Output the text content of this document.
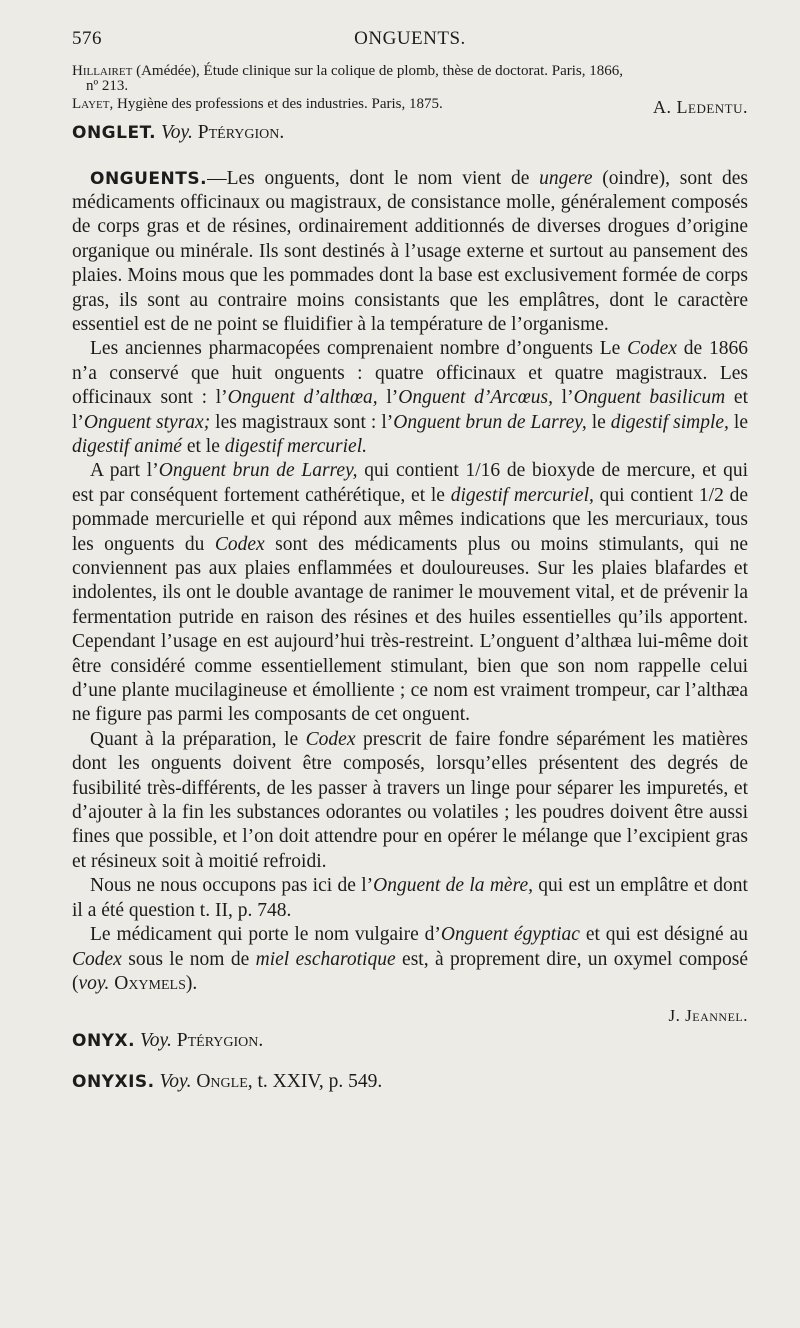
576	ONGUENTS.

Hillairet (Amédée), Étude clinique sur la colique de plomb, thèse de doctorat. Paris, 1866,
nº 213.

Layet, Hygiène des professions et des industries. Paris, 1875.	A. Ledentu.

ONGLET. Voy. Ptérygion.

ONGUENTS.—Les onguents, dont le nom vient de ungere (oindre), sont des médicaments officinaux ou magistraux, de consistance molle, généralement composés de corps gras et de résines, ordinairement additionnés de diverses drogues d’origine organique ou minérale. Ils sont destinés à l’usage externe et surtout au pansement des plaies. Moins mous que les pommades dont la base est exclusivement formée de corps gras, ils sont au contraire moins consistants que les emplâtres, dont le caractère essentiel est de ne point se fluidifier à la température de l’organisme.

Les anciennes pharmacopées comprenaient nombre d’onguents Le Codex de 1866 n’a conservé que huit onguents : quatre officinaux et quatre magistraux. Les officinaux sont : l’Onguent d’althœa, l’Onguent d’Arcœus, l’Onguent basilicum et l’Onguent styrax; les magistraux sont : l’Onguent brun de Larrey, le digestif simple, le digestif animé et le digestif mercuriel.

A part l’Onguent brun de Larrey, qui contient 1/16 de bioxyde de mercure, et qui est par conséquent fortement cathérétique, et le digestif mercuriel, qui contient 1/2 de pommade mercurielle et qui répond aux mêmes indications que les mercuriaux, tous les onguents du Codex sont des médicaments plus ou moins stimulants, qui ne conviennent pas aux plaies enflammées et douloureuses. Sur les plaies blafardes et indolentes, ils ont le double avantage de ranimer le mouvement vital, et de prévenir la fermentation putride en raison des résines et des huiles essentielles qu’ils apportent. Cependant l’usage en est aujourd’hui très-restreint. L’onguent d’althæa lui-même doit être considéré comme essentiellement stimulant, bien que son nom rappelle celui d’une plante mucilagineuse et émolliente ; ce nom est vraiment trompeur, car l’althæa ne figure pas parmi les composants de cet onguent.

Quant à la préparation, le Codex prescrit de faire fondre séparément les matières dont les onguents doivent être composés, lorsqu’elles présentent des degrés de fusibilité très-différents, de les passer à travers un linge pour séparer les impuretés, et d’ajouter à la fin les substances odorantes ou volatiles ; les poudres doivent être aussi fines que possible, et l’on doit attendre pour en opérer le mélange que l’excipient gras et résineux soit à moitié refroidi.

Nous ne nous occupons pas ici de l’Onguent de la mère, qui est un emplâtre et dont il a été question t. II, p. 748.

Le médicament qui porte le nom vulgaire d’Onguent égyptiac et qui est désigné au Codex sous le nom de miel escharotique est, à proprement dire, un oxymel composé (voy. Oxymels).

J. Jeannel.

ONYX. Voy. Ptérygion.

ONYXIS. Voy. Ongle, t. XXIV, p. 549.
